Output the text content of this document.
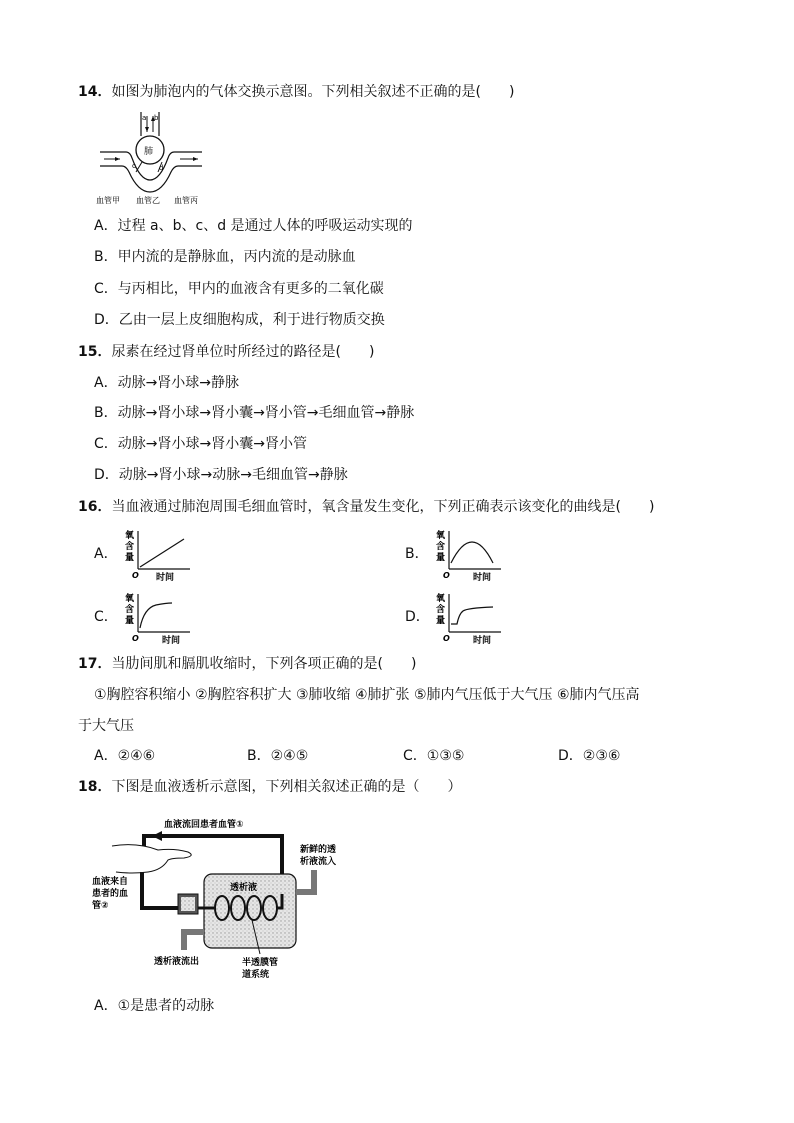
14．如图为肺泡内的气体交换示意图。下列相关叙述不正确的是(　　)
a b
肺
c	d
血管甲 血管乙 血管丙
A．过程 a、b、c、d 是通过人体的呼吸运动实现的
B．甲内流的是静脉血，丙内流的是动脉血
C．与丙相比，甲内的血液含有更多的二氧化碳
D．乙由一层上皮细胞构成，利于进行物质交换
15．尿素在经过肾单位时所经过的路径是(　　)
A．动脉→肾小球→静脉
B．动脉→肾小球→肾小囊→肾小管→毛细血管→静脉
C．动脉→肾小球→肾小囊→肾小管
D．动脉→肾小球→动脉→毛细血管→静脉
16．当血液通过肺泡周围毛细血管时，氧含量发生变化，下列正确表示该变化的曲线是(　　)
A．
氧
含
量
O 时间
B．
氧
含
量
O	时间
C．
氧
含
量
O	时间
D．
氧
含
量
O	时间
17．当肋间肌和膈肌收缩时，下列各项正确的是(　　)
①胸腔容积缩小 ②胸腔容积扩大 ③肺收缩 ④肺扩张 ⑤肺内气压低于大气压 ⑥肺内气压高
于大气压
A．②④⑥	B．②④⑤	C．①③⑤	D．②③⑥
18．下图是血液透析示意图，下列相关叙述正确的是（　　）
血液流回患者血管①
透析液
新鲜的透
析液流入
透析液流出
血液来自
患者的血
管②
半透膜管
道系统
A．①是患者的动脉
